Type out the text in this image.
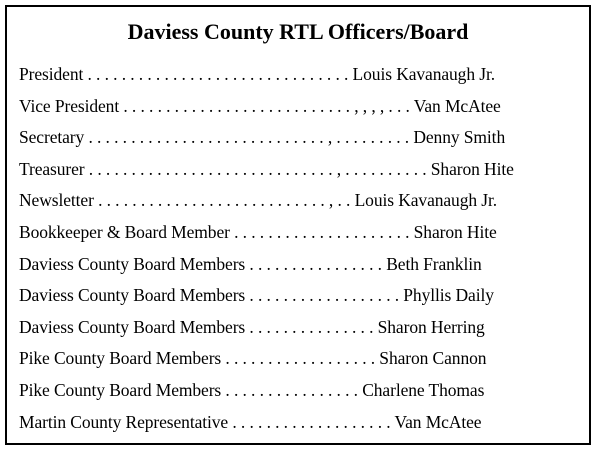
Daviess County RTL Officers/Board
President . . . . . . . . . . . . . . . . . . . . . . . . . . . . . . . Louis Kavanaugh Jr.
Vice President . . . . . . . . . . . . . . . . . . . . . . . . . . . , , , , . . . Van McAtee
Secretary . . . . . . . . . . . . . . . . . . . . . . . . . . . . , . . . . . . . . . Denny Smith
Treasurer . . . . . . . . . . . . . . . . . . . . . . . . . . . . . , . . . . . . . . . . Sharon Hite
Newsletter . . . . . . . . . . . . . . . . . . . . . . . . . . . , . . Louis Kavanaugh Jr.
Bookkeeper & Board Member . . . . . . . . . . . . . . . . . . . . . Sharon Hite
Daviess County Board Members . . . . . . . . . . . . . . . . Beth Franklin
Daviess County Board Members . . . . . . . . . . . . . . . . . . Phyllis Daily
Daviess County Board Members . . . . . . . . . . . . . . . Sharon Herring
Pike County Board Members . . . . . . . . . . . . . . . . . . Sharon Cannon
Pike County Board Members . . . . . . . . . . . . . . . . Charlene Thomas
Martin County Representative . . . . . . . . . . . . . . . . . . . Van McAtee
